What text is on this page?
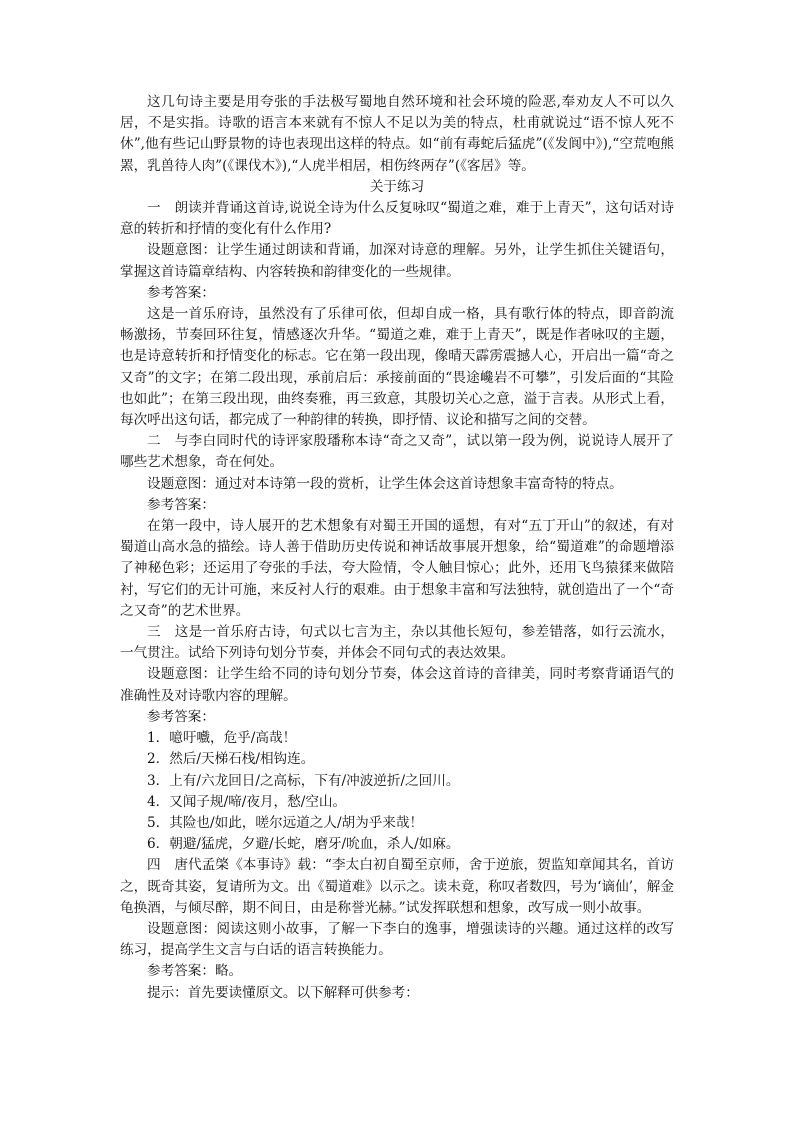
这几句诗主要是用夸张的手法极写蜀地自然环境和社会环境的险恶,奉劝友人不可以久居，不是实指。诗歌的语言本来就有不惊人不足以为美的特点，杜甫就说过“语不惊人死不休”,他有些记山野景物的诗也表现出这样的特点。如“前有毒蛇后猛虎”(《发阆中》),“空荒咆熊罴，乳兽待人肉”(《课伐木》),“人虎半相居，相伤终两存”(《客居》等。

关于练习

一　朗读并背诵这首诗,说说全诗为什么反复咏叹“蜀道之难，难于上青天”，这句话对诗意的转折和抒情的变化有什么作用?

设题意图：让学生通过朗读和背诵，加深对诗意的理解。另外，让学生抓住关键语句，掌握这首诗篇章结构、内容转换和韵律变化的一些规律。

参考答案：

这是一首乐府诗，虽然没有了乐律可依，但却自成一格，具有歌行体的特点，即音韵流畅激扬，节奏回环往复，情感逐次升华。“蜀道之难，难于上青天”，既是作者咏叹的主题，也是诗意转折和抒情变化的标志。它在第一段出现，像晴天霹雳震撼人心，开启出一篇“奇之又奇”的文字；在第二段出现，承前启后：承接前面的“畏途巉岩不可攀”，引发后面的“其险也如此”；在第三段出现，曲终奏雅，再三致意，其殷切关心之意，溢于言表。从形式上看，每次呼出这句话，都完成了一种韵律的转换，即抒情、议论和描写之间的交替。

二　与李白同时代的诗评家殷璠称本诗“奇之又奇”，试以第一段为例，说说诗人展开了哪些艺术想象，奇在何处。

设题意图：通过对本诗第一段的赏析，让学生体会这首诗想象丰富奇特的特点。

参考答案：

在第一段中，诗人展开的艺术想象有对蜀王开国的遥想，有对“五丁开山”的叙述，有对蜀道山高水急的描绘。诗人善于借助历史传说和神话故事展开想象，给“蜀道难”的命题增添了神秘色彩；还运用了夸张的手法，夸大险情，令人触目惊心；此外，还用飞鸟猿猱来做陪衬，写它们的无计可施，来反衬人行的艰难。由于想象丰富和写法独特，就创造出了一个“奇之又奇”的艺术世界。

三　这是一首乐府古诗，句式以七言为主，杂以其他长短句，参差错落，如行云流水，一气贯注。试给下列诗句划分节奏，并体会不同句式的表达效果。

设题意图：让学生给不同的诗句划分节奏，体会这首诗的音律美，同时考察背诵语气的准确性及对诗歌内容的理解。

参考答案：

1．噫吁嚱，危乎/高哉！

2．然后/天梯石栈/相钩连。

3．上有/六龙回日/之高标，下有/冲波逆折/之回川。

4．又闻子规/啼/夜月，愁/空山。

5．其险也/如此，嗟尔远道之人/胡为乎来哉！

6．朝避/猛虎，夕避/长蛇，磨牙/吮血，杀人/如麻。

四　唐代孟棨《本事诗》载：“李太白初自蜀至京师，舍于逆旅，贺监知章闻其名，首访之，既奇其姿，复请所为文。出《蜀道难》以示之。读未竟，称叹者数四，号为‘谪仙’，解金龟换酒，与倾尽醉，期不间日，由是称誉光赫。”试发挥联想和想象，改写成一则小故事。

设题意图：阅读这则小故事，了解一下李白的逸事，增强读诗的兴趣。通过这样的改写练习，提高学生文言与白话的语言转换能力。

参考答案：略。

提示：首先要读懂原文。以下解释可供参考：
